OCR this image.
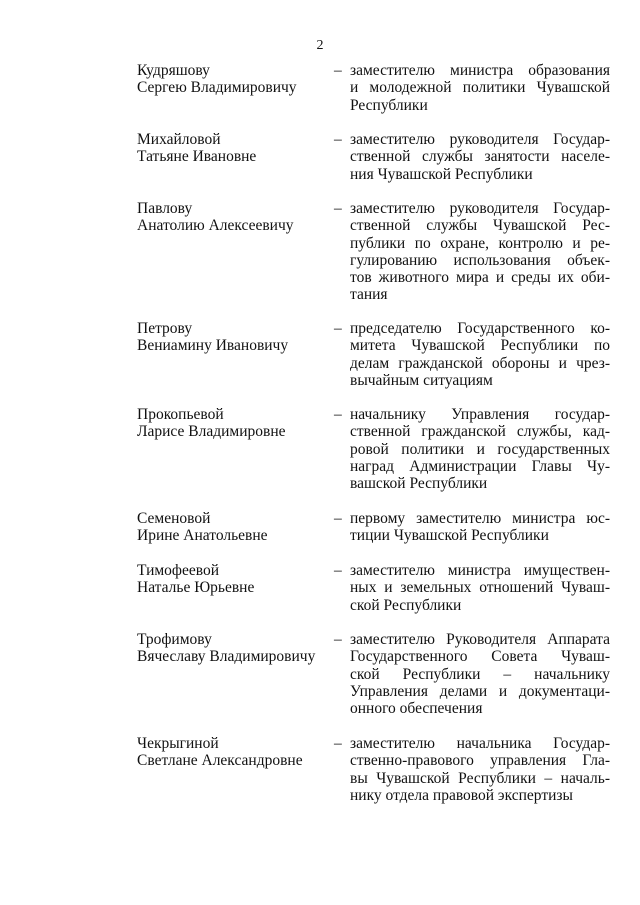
2
Кудряшову
Сергею Владимировичу
– заместителю министра образования
и молодежной политики Чувашской
Республики
Михайловой
Татьяне Ивановне
– заместителю руководителя Государ-
ственной службы занятости населе-
ния Чувашской Республики
Павлову
Анатолию Алексеевичу
– заместителю руководителя Государ-
ственной службы Чувашской Рес-
публики по охране, контролю и ре-
гулированию использования объек-
тов животного мира и среды их оби-
тания
Петрову
Вениамину Ивановичу
– председателю Государственного ко-
митета Чувашской Республики по
делам гражданской обороны и чрез-
вычайным ситуациям
Прокопьевой
Ларисе Владимировне
– начальнику Управления государ-
ственной гражданской службы, кад-
ровой политики и государственных
наград Администрации Главы Чу-
вашской Республики
Семеновой
Ирине Анатольевне
– первому заместителю министра юс-
тиции Чувашской Республики
Тимофеевой
Наталье Юрьевне
– заместителю министра имуществен-
ных и земельных отношений Чуваш-
ской Республики
Трофимову
Вячеславу Владимировичу
– заместителю Руководителя Аппарата
Государственного Совета Чуваш-
ской Республики – начальнику
Управления делами и документаци-
онного обеспечения
Чекрыгиной
Светлане Александровне
– заместителю начальника Государ-
ственно-правового управления Гла-
вы Чувашской Республики – началь-
нику отдела правовой экспертизы
